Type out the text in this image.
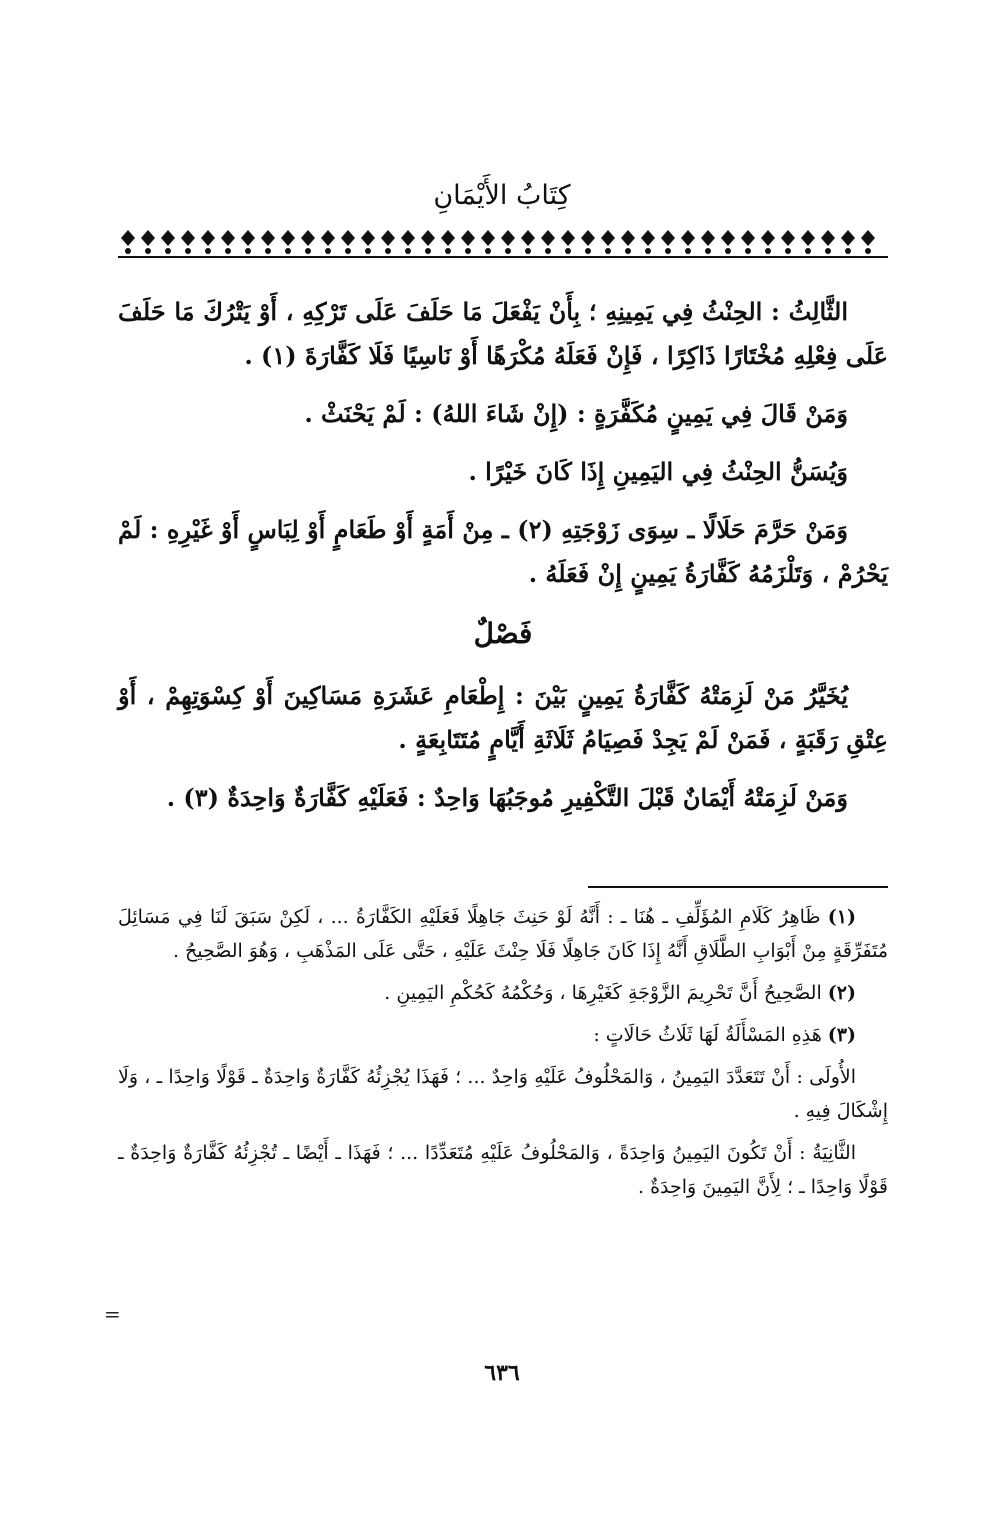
كِتَابُ الأَيْمَانِ

الثَّالِثُ : الحِنْثُ فِي يَمِينِهِ ؛ بِأَنْ يَفْعَلَ مَا حَلَفَ عَلَى تَرْكِهِ ، أَوْ يَتْرُكَ مَا حَلَفَ عَلَى فِعْلِهِ مُخْتَارًا ذَاكِرًا ، فَإِنْ فَعَلَهُ مُكْرَهًا أَوْ نَاسِيًا فَلَا كَفَّارَةَ (١) .

وَمَنْ قَالَ فِي يَمِينٍ مُكَفَّرَةٍ : (إِنْ شَاءَ اللهُ) : لَمْ يَحْنَثْ .

وَيُسَنُّ الحِنْثُ فِي اليَمِينِ إِذَا كَانَ خَيْرًا .

وَمَنْ حَرَّمَ حَلَالًا ـ سِوَى زَوْجَتِهِ (٢) ـ مِنْ أَمَةٍ أَوْ طَعَامٍ أَوْ لِبَاسٍ أَوْ غَيْرِهِ : لَمْ يَحْرُمْ ، وَتَلْزَمُهُ كَفَّارَةُ يَمِينٍ إِنْ فَعَلَهُ .

فَصْلٌ

يُخَيَّرُ مَنْ لَزِمَتْهُ كَفَّارَةُ يَمِينٍ بَيْنَ : إِطْعَامِ عَشَرَةِ مَسَاكِينَ أَوْ كِسْوَتِهِمْ ، أَوْ عِتْقِ رَقَبَةٍ ، فَمَنْ لَمْ يَجِدْ فَصِيَامُ ثَلَاثَةِ أَيَّامٍ مُتَتَابِعَةٍ .

وَمَنْ لَزِمَتْهُ أَيْمَانٌ قَبْلَ التَّكْفِيرِ مُوجَبُهَا وَاحِدٌ : فَعَلَيْهِ كَفَّارَةٌ وَاحِدَةٌ (٣) .

(١) ظَاهِرُ كَلَامِ المُؤَلِّفِ ـ هُنَا ـ : أَنَّهُ لَوْ حَنِثَ جَاهِلًا فَعَلَيْهِ الكَفَّارَةُ ... ، لَكِنْ سَبَقَ لَنَا فِي مَسَائِلَ مُتَفَرِّقَةٍ مِنْ أَبْوَابِ الطَّلَاقِ أَنَّهُ إِذَا كَانَ جَاهِلًا فَلَا حِنْثَ عَلَيْهِ ، حَتَّى عَلَى المَذْهَبِ ، وَهُوَ الصَّحِيحُ .

(٢) الصَّحِيحُ أَنَّ تَحْرِيمَ الزَّوْجَةِ كَغَيْرِهَا ، وَحُكْمُهُ كَحُكْمِ اليَمِينِ .

(٣) هَذِهِ المَسْأَلَةُ لَهَا ثَلَاثُ حَالَاتٍ :

الأُولَى : أَنْ تَتَعَدَّدَ اليَمِينُ ، وَالمَحْلُوفُ عَلَيْهِ وَاحِدٌ ... ؛ فَهَذَا يُجْزِئُهُ كَفَّارَةٌ وَاحِدَةٌ ـ قَوْلًا وَاحِدًا ـ ، وَلَا إِشْكَالَ فِيهِ .

الثَّانِيَةُ : أَنْ تَكُونَ اليَمِينُ وَاحِدَةً ، وَالمَحْلُوفُ عَلَيْهِ مُتَعَدِّدًا ... ؛ فَهَذَا ـ أَيْضًا ـ تُجْزِئُهُ كَفَّارَةٌ وَاحِدَةٌ ـ قَوْلًا وَاحِدًا ـ ؛ لِأَنَّ اليَمِينَ وَاحِدَةٌ .

=
٦٣٦
